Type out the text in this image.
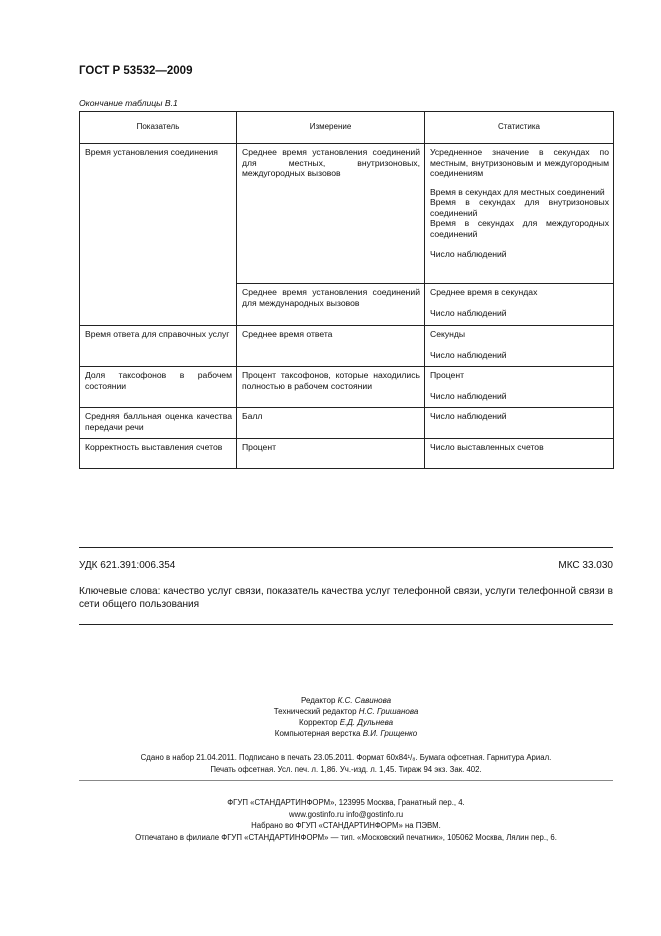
ГОСТ Р 53532—2009
Окончание таблицы В.1
Показатель	Измерение	Статистика

Время установления соединения	Среднее время установления соединений для местных, внутризоновых, междугородных вызовов	Усредненное значение в секундах по местным, внутризоновым и междугородным соединениям
Время в секундах для местных соединений
Время в секундах для внутризоновых соединений
Время в секундах для междугородных соединений
Число наблюдений

	Среднее время установления соединений для международных вызовов	Среднее время в секундах
Число наблюдений

Время ответа для справочных услуг	Среднее время ответа	Секунды
Число наблюдений

Доля таксофонов в рабочем состоянии	Процент таксофонов, которые находились полностью в рабочем состоянии	Процент
Число наблюдений

Средняя балльная оценка качества передачи речи	Балл	Число наблюдений

Корректность выставления счетов	Процент	Число выставленных счетов
УДК 621.391:006.354	МКС 33.030
Ключевые слова: качество услуг связи, показатель качества услуг телефонной связи, услуги телефонной связи в сети общего пользования
Редактор К.С. Савинова
Технический редактор Н.С. Гришанова
Корректор Е.Д. Дульнева
Компьютерная верстка В.И. Грищенко
Сдано в набор 21.04.2011. Подписано в печать 23.05.2011. Формат 60x84¹/₈. Бумага офсетная. Гарнитура Ариал.
Печать офсетная. Усл. печ. л. 1,86. Уч.-изд. л. 1,45. Тираж 94 экз. Зак. 402.
ФГУП «СТАНДАРТИНФОРМ», 123995 Москва, Гранатный пер., 4.
www.gostinfo.ru info@gostinfo.ru
Набрано во ФГУП «СТАНДАРТИНФОРМ» на ПЭВМ.
Отпечатано в филиале ФГУП «СТАНДАРТИНФОРМ» — тип. «Московский печатник», 105062 Москва, Лялин пер., 6.
